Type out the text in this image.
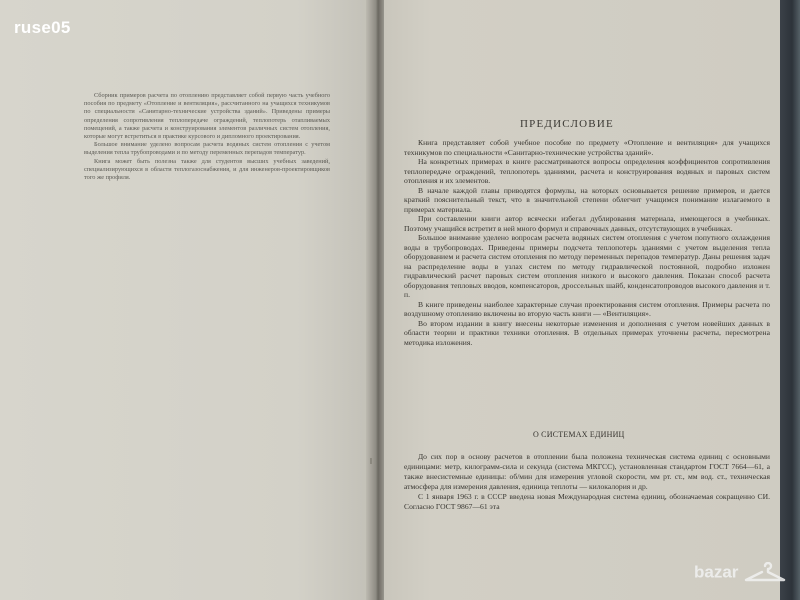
ruse05

Сборник примеров расчета по отоплению представляет собой первую часть учебного пособия по предмету «Отопление и вентиляция», рассчитанного на учащихся техникумов по специальности «Санитарно-технические устройства зданий». Приведены примеры определения сопротивления теплопередаче ограждений, теплопотерь отапливаемых помещений, а также расчета и конструирования элементов различных систем отопления, которые могут встретиться в практике курсового и дипломного проектирования.

Большое внимание уделено вопросам расчета водяных систем отопления с учетом выделения тепла трубопроводами и по методу переменных перепадов температур.

Книга может быть полезна также для студентов высших учебных заведений, специализирующихся в области теплогазоснабжения, и для инженеров-проектировщиков того же профиля.

ПРЕДИСЛОВИЕ

Книга представляет собой учебное пособие по предмету «Отопление и вентиляция» для учащихся техникумов по специальности «Санитарно-технические устройства зданий».

На конкретных примерах в книге рассматриваются вопросы определения коэффициентов сопротивления теплопередаче ограждений, теплопотерь зданиями, расчета и конструирования водяных и паровых систем отопления и их элементов.

В начале каждой главы приводятся формулы, на которых основывается решение примеров, и дается краткий пояснительный текст, что в значительной степени облегчит учащимся понимание излагаемого в примерах материала.

При составлении книги автор всячески избегал дублирования материала, имеющегося в учебниках. Поэтому учащийся встретит в ней много формул и справочных данных, отсутствующих в учебниках.

Большое внимание уделено вопросам расчета водяных систем отопления с учетом попутного охлаждения воды в трубопроводах. Приведены примеры подсчета теплопотерь зданиями с учетом выделения тепла оборудованием и расчета систем отопления по методу переменных перепадов температур. Даны решения задач на распределение воды в узлах систем по методу гидравлической постоянной, подробно изложен гидравлический расчет паровых систем отопления низкого и высокого давления. Показан способ расчета оборудования тепловых вводов, компенсаторов, дроссельных шайб, конденсатопроводов высокого давления и т. п.

В книге приведены наиболее характерные случаи проектирования систем отопления. Примеры расчета по воздушному отоплению включены во вторую часть книги — «Вентиляция».

Во втором издании в книгу внесены некоторые изменения и дополнения с учетом новейших данных в области теории и практики техники отопления. В отдельных примерах уточнены расчеты, пересмотрена методика изложения.

О СИСТЕМАХ ЕДИНИЦ

До сих пор в основу расчетов в отоплении была положена техническая система единиц с основными единицами: метр, килограмм-сила и секунда (система МКГСС), установленная стандартом ГОСТ 7664—61, а также внесистемные единицы: об/мин для измерения угловой скорости, мм рт. ст., мм вод. ст., техническая атмосфера для измерения давления, единица теплоты — килокалория и др.

С 1 января 1963 г. в СССР введена новая Международная система единиц, обозначаемая сокращенно СИ. Согласно ГОСТ 9867—61 эта

bazar
